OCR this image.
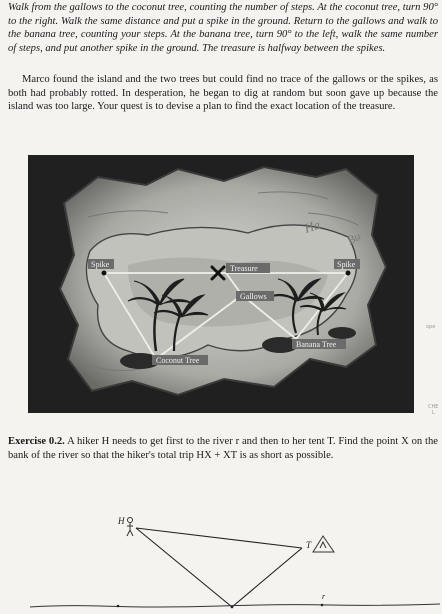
Walk from the gallows to the coconut tree, counting the number of steps. At the coconut tree, turn 90° to the right. Walk the same distance and put a spike in the ground. Return to the gallows and walk to the banana tree, counting your steps. At the banana tree, turn 90° to the left, walk the same number of steps, and put another spike in the ground. The treasure is halfway between the spikes.

Marco found the island and the two trees but could find no trace of the gallows or the spikes, as both had probably rotted. In desperation, he began to dig at random but soon gave up because the island was too large. Your quest is to devise a plan to find the exact location of the treasure.

Ha
Bu
Spike	Spike
Treasure
Gallows
Coconut Tree
Banana Tree
ope
CHE
L

Exercise 0.2. A hiker H needs to get first to the river r and then to her tent T. Find the point X on the bank of the river so that the hiker's total trip HX + XT is as short as possible.

H
T
r
